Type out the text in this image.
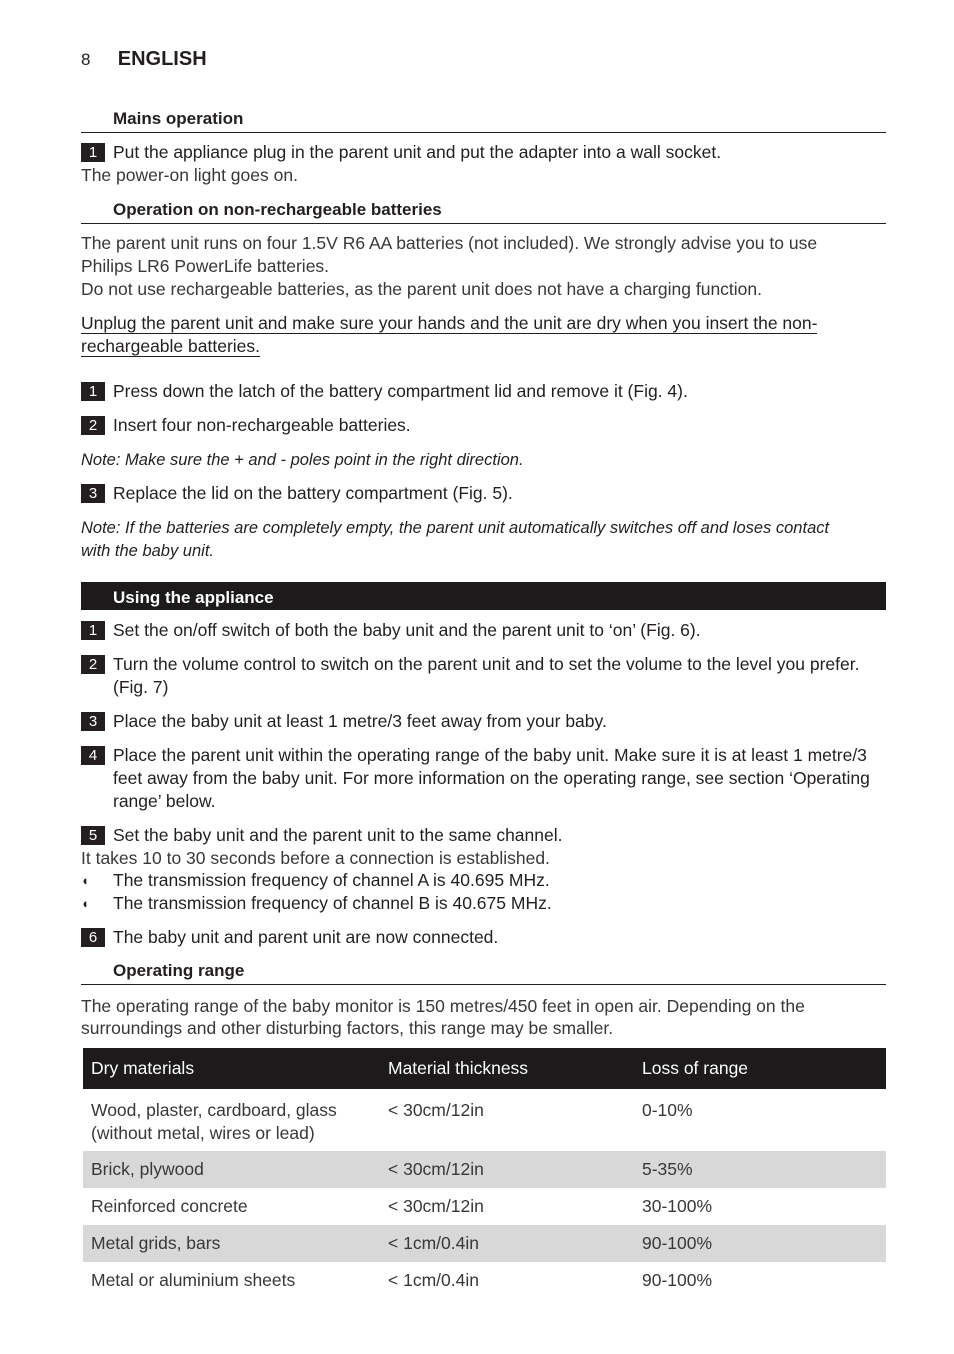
8 ENGLISH
Mains operation
1 Put the appliance plug in the parent unit and put the adapter into a wall socket.
The power-on light goes on.
Operation on non-rechargeable batteries
The parent unit runs on four 1.5V R6 AA batteries (not included). We strongly advise you to use
Philips LR6 PowerLife batteries.
Do not use rechargeable batteries, as the parent unit does not have a charging function.
Unplug the parent unit and make sure your hands and the unit are dry when you insert the non-
rechargeable batteries.
1 Press down the latch of the battery compartment lid and remove it (Fig. 4).
2 Insert four non-rechargeable batteries.
Note: Make sure the + and - poles point in the right direction.
3 Replace the lid on the battery compartment (Fig. 5).
Note: If the batteries are completely empty, the parent unit automatically switches off and loses contact
with the baby unit.
Using the appliance
1 Set the on/off switch of both the baby unit and the parent unit to ‘on’ (Fig. 6).
2 Turn the volume control to switch on the parent unit and to set the volume to the level you prefer. (Fig. 7)
3 Place the baby unit at least 1 metre/3 feet away from your baby.
4 Place the parent unit within the operating range of the baby unit. Make sure it is at least 1 metre/3 feet away from the baby unit. For more information on the operating range, see section ‘Operating range’ below.
5 Set the baby unit and the parent unit to the same channel.
It takes 10 to 30 seconds before a connection is established.
◖ The transmission frequency of channel A is 40.695 MHz.
◖ The transmission frequency of channel B is 40.675 MHz.
6 The baby unit and parent unit are now connected.
Operating range
The operating range of the baby monitor is 150 metres/450 feet in open air. Depending on the
surroundings and other disturbing factors, this range may be smaller.
Dry materials	Material thickness	Loss of range
Wood, plaster, cardboard, glass (without metal, wires or lead)	< 30cm/12in	0-10%
Brick, plywood	< 30cm/12in	5-35%
Reinforced concrete	< 30cm/12in	30-100%
Metal grids, bars	< 1cm/0.4in	90-100%
Metal or aluminium sheets	< 1cm/0.4in	90-100%
